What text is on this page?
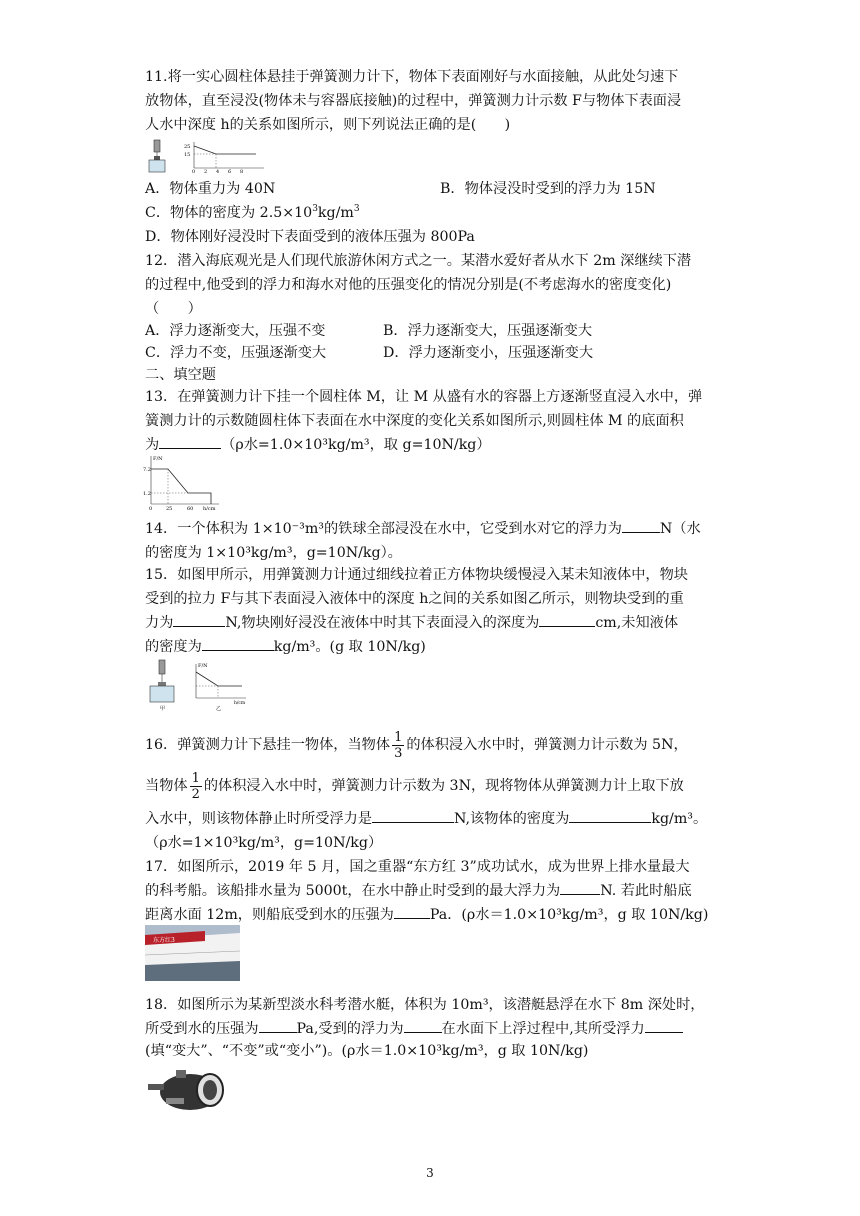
11.将一实心圆柱体悬挂于弹簧测力计下，物体下表面刚好与水面接触，从此处匀速下
放物体，直至浸没(物体未与容器底接触)的过程中，弹簧测力计示数 F与物体下表面浸
人水中深度 h的关系如图所示，则下列说法正确的是(　　)
25
15
0 2 4 6 8
A．物体重力为 40N	B．物体浸没时受到的浮力为 15N
C．物体的密度为 $2.5\times 10^3kg/m^3$
D．物体刚好浸没时下表面受到的液体压强为 800Pa
12．潜入海底观光是人们现代旅游休闲方式之一。某潜水爱好者从水下 2m 深继续下潜
的过程中,他受到的浮力和海水对他的压强变化的情况分别是(不考虑海水的密度变化)
（　　）
A．浮力逐渐变大，压强不变	B．浮力逐渐变大，压强逐渐变大
C．浮力不变，压强逐渐变大	D．浮力逐渐变小，压强逐渐变大
二、填空题
13．在弹簧测力计下挂一个圆柱体 M，让 M 从盛有水的容器上方逐渐竖直浸入水中，弹
簧测力计的示数随圆柱体下表面在水中深度的变化关系如图所示,则圆柱体 M 的底面积
为	（ρ水=1.0×10³kg/m³，取 g=10N/kg）
F/N
7.2
1.2
0	25	60 h/cm
14．一个体积为 1×10⁻³m³的铁球全部浸没在水中，它受到水对它的浮力为	N（水
的密度为 1×10³kg/m³，g=10N/kg）。
15．如图甲所示，用弹簧测力计通过细线拉着正方体物块缓慢浸入某未知液体中，物块
受到的拉力 F与其下表面浸入液体中的深度 h之间的关系如图乙所示，则物块受到的重
力为	N,物块刚好浸没在液体中时其下表面浸入的深度为	cm,未知液体
的密度为	kg/m³。(g 取 10N/kg)
甲
F/N
h/cm
乙
16．弹簧测力计下悬挂一物体，当物体 $\frac{1}{3}$ 的体积浸入水中时，弹簧测力计示数为 5N，
当物体 $\frac{1}{2}$ 的体积浸入水中时，弹簧测力计示数为 3N，现将物体从弹簧测力计上取下放
入水中，则该物体静止时所受浮力是	N,该物体的密度为	kg/m³。
（ρ水=1×10³kg/m³，g=10N/kg）
17．如图所示，2019 年 5 月，国之重器“东方红 3”成功试水，成为世界上排水量最大
的科考船。该船排水量为 5000t，在水中静止时受到的最大浮力为	N. 若此时船底
距离水面 12m，则船底受到水的压强为	Pa．(ρ水＝1.0×10³kg/m³，g 取 10N/kg)
东方红3
18．如图所示为某新型淡水科考潜水艇，体积为 10m³，该潜艇悬浮在水下 8m 深处时，
所受到水的压强为	Pa,受到的浮力为	在水面下上浮过程中,其所受浮力
(填“变大”、“不变”或“变小”)。(ρ水＝1.0×10³kg/m³，g 取 10N/kg)
3
